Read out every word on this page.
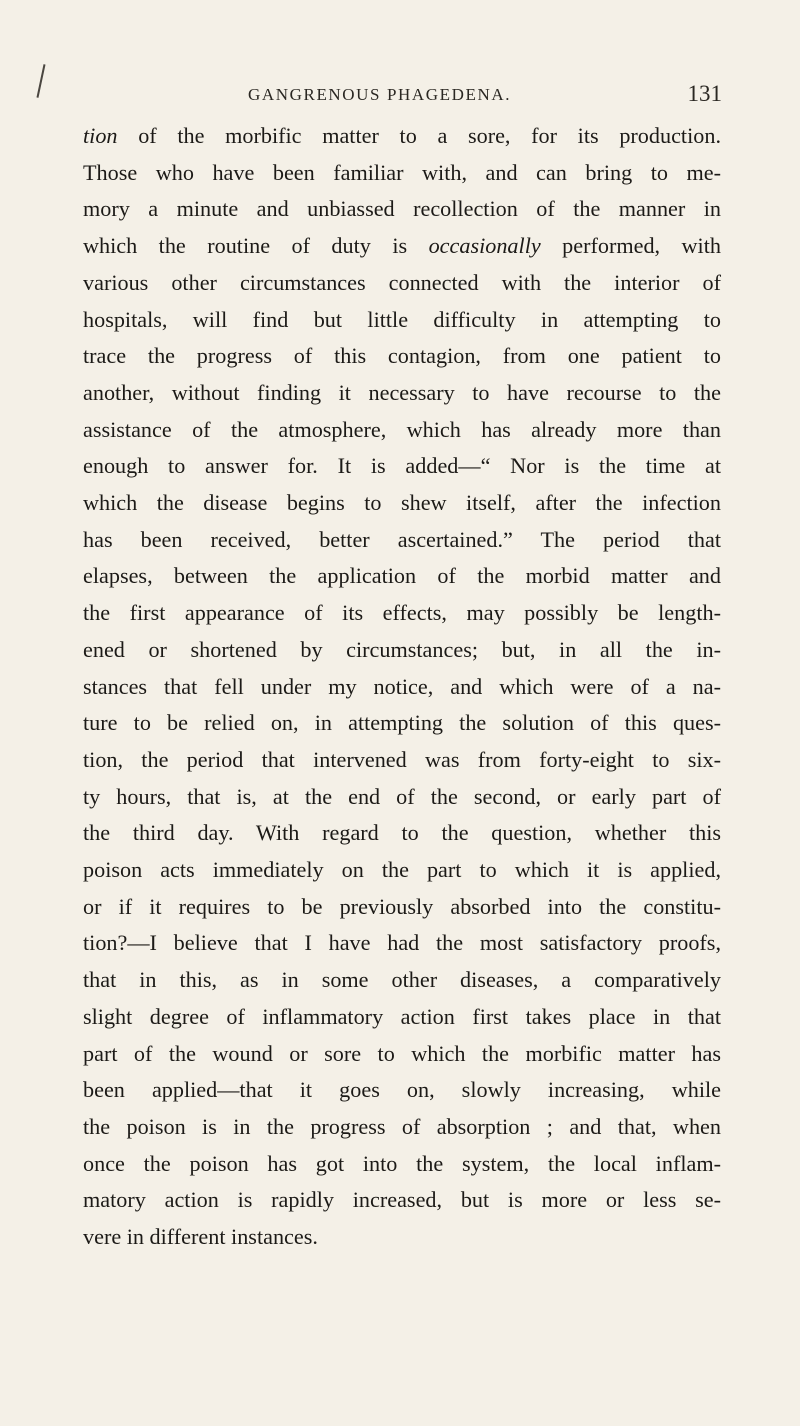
GANGRENOUS PHAGEDENA.	131
tion of the morbific matter to a sore, for its production.
Those who have been familiar with, and can bring to me-
mory a minute and unbiassed recollection of the manner in
which the routine of duty is occasionally performed, with
various other circumstances connected with the interior of
hospitals, will find but little difficulty in attempting to
trace the progress of this contagion, from one patient to
another, without finding it necessary to have recourse to the
assistance of the atmosphere, which has already more than
enough to answer for. It is added—“ Nor is the time at
which the disease begins to shew itself, after the infection
has been received, better ascertained.” The period that
elapses, between the application of the morbid matter and
the first appearance of its effects, may possibly be length-
ened or shortened by circumstances; but, in all the in-
stances that fell under my notice, and which were of a na-
ture to be relied on, in attempting the solution of this ques-
tion, the period that intervened was from forty-eight to six-
ty hours, that is, at the end of the second, or early part of
the third day. With regard to the question, whether this
poison acts immediately on the part to which it is applied,
or if it requires to be previously absorbed into the constitu-
tion?—I believe that I have had the most satisfactory proofs,
that in this, as in some other diseases, a comparatively
slight degree of inflammatory action first takes place in that
part of the wound or sore to which the morbific matter has
been applied—that it goes on, slowly increasing, while
the poison is in the progress of absorption ; and that, when
once the poison has got into the system, the local inflam-
matory action is rapidly increased, but is more or less se-
vere in different instances.
